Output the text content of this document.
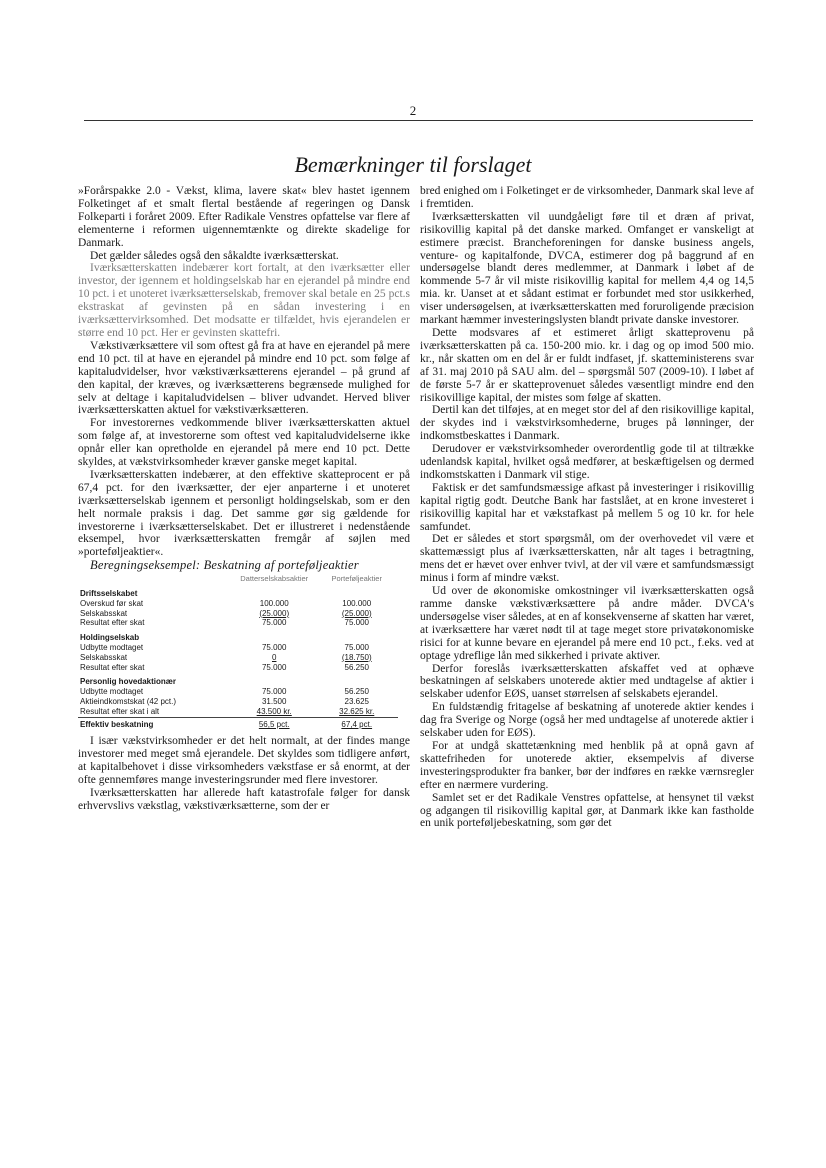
2
Bemærkninger til forslaget

»Forårspakke 2.0 - Vækst, klima, lavere skat« blev hastet igennem Folketinget af et smalt flertal bestående af regeringen og Dansk Folkeparti i foråret 2009. Efter Radikale Venstres opfattelse var flere af elementerne i reformen uigennemtænkte og direkte skadelige for Danmark.

Det gælder således også den såkaldte iværksætterskat.

Iværksætterskatten indebærer kort fortalt, at den iværksætter eller investor, der igennem et holdingselskab har en ejerandel på mindre end 10 pct. i et unoteret iværksætterselskab, fremover skal betale en 25 pct.s ekstraskat af gevinsten på en sådan investering i en iværksættervirksomhed. Det modsatte er tilfældet, hvis ejerandelen er større end 10 pct. Her er gevinsten skattefri.

Vækstiværksættere vil som oftest gå fra at have en ejerandel på mere end 10 pct. til at have en ejerandel på mindre end 10 pct. som følge af kapitaludvidelser, hvor vækstiværksætterens ejerandel – på grund af den kapital, der kræves, og iværksætterens begrænsede mulighed for selv at deltage i kapitaludvidelsen – bliver udvandet. Herved bliver iværksætterskatten aktuel for vækstiværksætteren.

For investorernes vedkommende bliver iværksætterskatten aktuel som følge af, at investorerne som oftest ved kapitaludvidelserne ikke opnår eller kan opretholde en ejerandel på mere end 10 pct. Dette skyldes, at vækstvirksomheder kræver ganske meget kapital.

Iværksætterskatten indebærer, at den effektive skatteprocent er på 67,4 pct. for den iværksætter, der ejer anparterne i et unoteret iværksætterselskab igennem et personligt holdingselskab, som er den helt normale praksis i dag. Det samme gør sig gældende for investorerne i iværksætterselskabet. Det er illustreret i nedenstående eksempel, hvor iværksætterskatten fremgår af søjlen med »porteføljeaktier«.

Beregningseksempel: Beskatning af porteføljeaktier

	Datterselskabsaktier	Porteføljeaktier
Driftsselskabet		
Overskud før skat	100.000	100.000
Selskabsskat	(25.000)	(25.000)
Resultat efter skat	75.000	75.000
Holdingselskab		
Udbytte modtaget	75.000	75.000
Selskabsskat	0	(18.750)
Resultat efter skat	75.000	56.250
Personlig hovedaktionær		
Udbytte modtaget	75.000	56.250
Aktieindkomstskat (42 pct.)	31.500	23.625
Resultat efter skat i alt	43.500 kr.	32.625 kr.
Effektiv beskatning	56,5 pct.	67,4 pct.

I især vækstvirksomheder er det helt normalt, at der findes mange investorer med meget små ejerandele. Det skyldes som tidligere anført, at kapitalbehovet i disse virksomheders vækstfase er så enormt, at der ofte gennemføres mange investeringsrunder med flere investorer.

Iværksætterskatten har allerede haft katastrofale følger for dansk erhvervslivs vækstlag, vækstiværksætterne, som der er

bred enighed om i Folketinget er de virksomheder, Danmark skal leve af i fremtiden.

Iværksætterskatten vil uundgåeligt føre til et dræn af privat, risikovillig kapital på det danske marked. Omfanget er vanskeligt at estimere præcist. Brancheforeningen for danske business angels, venture- og kapitalfonde, DVCA, estimerer dog på baggrund af en undersøgelse blandt deres medlemmer, at Danmark i løbet af de kommende 5-7 år vil miste risikovillig kapital for mellem 4,4 og 14,5 mia. kr. Uanset at et sådant estimat er forbundet med stor usikkerhed, viser undersøgelsen, at iværksætterskatten med foruroligende præcision markant hæmmer investeringslysten blandt private danske investorer.

Dette modsvares af et estimeret årligt skatteprovenu på iværksætterskatten på ca. 150-200 mio. kr. i dag og op imod 500 mio. kr., når skatten om en del år er fuldt indfaset, jf. skatteministerens svar af 31. maj 2010 på SAU alm. del – spørgsmål 507 (2009-10). I løbet af de første 5-7 år er skatteprovenuet således væsentligt mindre end den risikovillige kapital, der mistes som følge af skatten.

Dertil kan det tilføjes, at en meget stor del af den risikovillige kapital, der skydes ind i vækstvirksomhederne, bruges på lønninger, der indkomstbeskattes i Danmark.

Derudover er vækstvirksomheder overordentlig gode til at tiltrække udenlandsk kapital, hvilket også medfører, at beskæftigelsen og dermed indkomstskatten i Danmark vil stige.

Faktisk er det samfundsmæssige afkast på investeringer i risikovillig kapital rigtig godt. Deutche Bank har fastslået, at en krone investeret i risikovillig kapital har et vækstafkast på mellem 5 og 10 kr. for hele samfundet.

Det er således et stort spørgsmål, om der overhovedet vil være et skattemæssigt plus af iværksætterskatten, når alt tages i betragtning, mens det er hævet over enhver tvivl, at der vil være et samfundsmæssigt minus i form af mindre vækst.

Ud over de økonomiske omkostninger vil iværksætterskatten også ramme danske vækstiværksættere på andre måder. DVCA's undersøgelse viser således, at en af konsekvenserne af skatten har været, at iværksættere har været nødt til at tage meget store privatøkonomiske risici for at kunne bevare en ejerandel på mere end 10 pct., f.eks. ved at optage ydreflige lån med sikkerhed i private aktiver.

Derfor foreslås iværksætterskatten afskaffet ved at ophæve beskatningen af selskabers unoterede aktier med undtagelse af aktier i selskaber udenfor EØS, uanset størrelsen af selskabets ejerandel.

En fuldstændig fritagelse af beskatning af unoterede aktier kendes i dag fra Sverige og Norge (også her med undtagelse af unoterede aktier i selskaber uden for EØS).

For at undgå skattetænkning med henblik på at opnå gavn af skattefriheden for unoterede aktier, eksempelvis af diverse investeringsprodukter fra banker, bør der indføres en række værnsregler efter en nærmere vurdering.

Samlet set er det Radikale Venstres opfattelse, at hensynet til vækst og adgangen til risikovillig kapital gør, at Danmark ikke kan fastholde en unik porteføljebeskatning, som gør det
